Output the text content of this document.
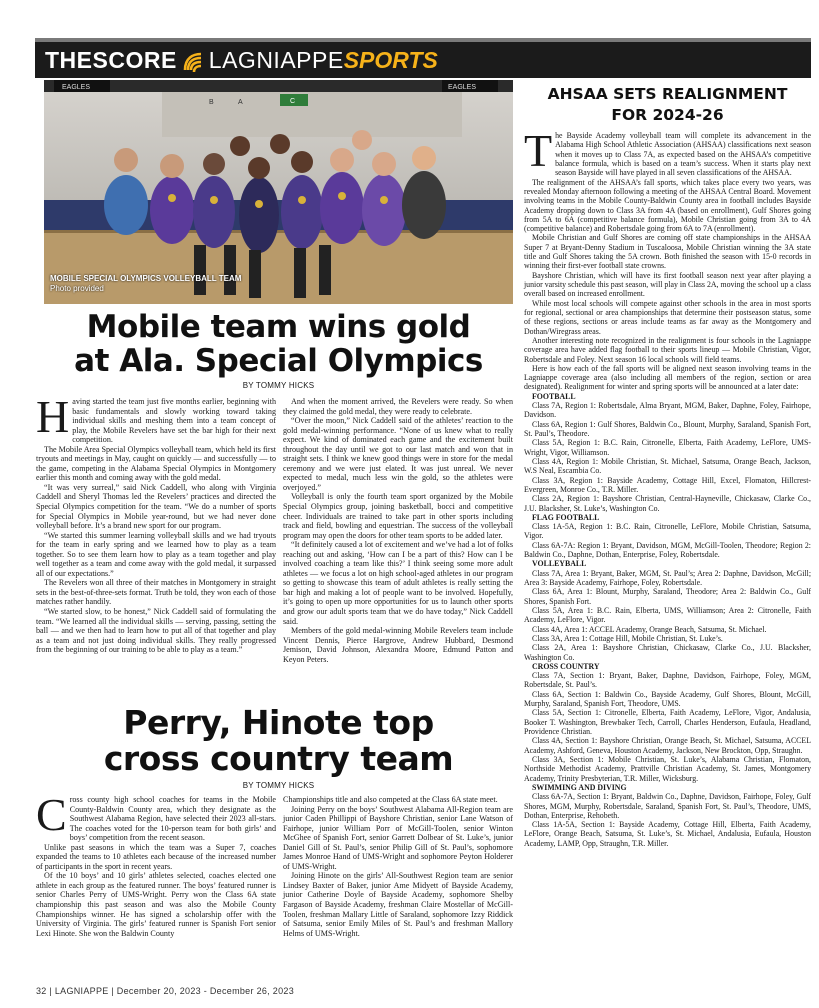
THESCORE LAGNIAPPESPORTS
EAGLES	EAGLES
B	A	C
MOBILE SPECIAL OLYMPICS VOLLEYBALL TEAM
Photo provided
Mobile team wins gold
at Ala. Special Olympics
BY TOMMY HICKS
H aving started the team just five months earlier, beginning with basic fundamentals and slowly working toward taking individual skills and meshing them into a team concept of play, the Mobile Revelers have set the bar high for their next competition.

The Mobile Area Special Olympics volleyball team, which held its first tryouts and meetings in May, caught on quickly — and successfully — to the game, competing in the Alabama Special Olympics in Montgomery earlier this month and coming away with the gold medal.

“It was very surreal,” said Nick Caddell, who along with Virginia Caddell and Sheryl Thomas led the Revelers’ practices and directed the Special Olympics competition for the team. “We do a number of sports for Special Olympics in Mobile year-round, but we had never done volleyball before. It’s a brand new sport for our program.

“We started this summer learning volleyball skills and we had tryouts for the team in early spring and we learned how to play as a team together. So to see them learn how to play as a team together and play well together as a team and come away with the gold medal, it surpassed all of our expectations.”

The Revelers won all three of their matches in Montgomery in straight sets in the best-of-three-sets format. Truth be told, they won each of those matches rather handily.

“We started slow, to be honest,” Nick Caddell said of formulating the team. “We learned all the individual skills — serving, passing, setting the ball — and we then had to learn how to put all of that together and play as a team and not just doing individual skills. They really progressed from the beginning of our training to be able to play as a team.”

And when the moment arrived, the Revelers were ready. So when they claimed the gold medal, they were ready to celebrate.

“Over the moon,” Nick Caddell said of the athletes’ reaction to the gold medal-winning performance. “None of us knew what to really expect. We kind of dominated each game and the excitement built throughout the day until we got to our last match and won that in straight sets. I think we knew good things were in store for the medal ceremony and we were just elated. It was just unreal. We never expected to medal, much less win the gold, so the athletes were overjoyed.”

Volleyball is only the fourth team sport organized by the Mobile Special Olympics group, joining basketball, bocci and competitive cheer. Individuals are trained to take part in other sports including track and field, bowling and equestrian. The success of the volleyball program may open the doors for other team sports to be added later.

“It definitely caused a lot of excitement and we’ve had a lot of folks reaching out and asking, ‘How can I be a part of this? How can I be involved coaching a team like this?’ I think seeing some more adult athletes — we focus a lot on high school-aged athletes in our program so getting to showcase this team of adult athletes is really setting the bar high and making a lot of people want to be involved. Hopefully, it’s going to open up more opportunities for us to launch other sports and grow our adult sports team that we do have today,” Nick Caddell said.

Members of the gold medal-winning Mobile Revelers team include Vincent Dennis, Pierce Hargrove, Andrew Hubbard, Desmond Jemison, David Johnson, Alexandra Moore, Edmund Patton and Keyon Peters.

Perry, Hinote top
cross country team
BY TOMMY HICKS
C ross county high school coaches for teams in the Mobile County-Baldwin County area, which they designate as the Southwest Alabama Region, have selected their 2023 all-stars. The coaches voted for the 10-person team for both girls’ and boys’ competition from the recent season.

Unlike past seasons in which the team was a Super 7, coaches expanded the teams to 10 athletes each because of the increased number of participants in the sport in recent years.

Of the 10 boys’ and 10 girls’ athletes selected, coaches elected one athlete in each group as the featured runner. The boys’ featured runner is senior Charles Perry of UMS-Wright. Perry won the Class 6A state championship this past season and was also the Mobile County Championships winner. He has signed a scholarship offer with the University of Virginia. The girls’ featured runner is Spanish Fort senior Lexi Hinote. She won the Baldwin County

Championships title and also competed at the Class 6A state meet.

Joining Perry on the boys’ Southwest Alabama All-Region team are junior Caden Phillippi of Bayshore Christian, senior Lane Watson of Fairhope, junior William Porr of McGill-Toolen, senior Winton McGhee of Spanish Fort, senior Garrett Dolbear of St. Luke’s, junior Daniel Gill of St. Paul’s, senior Philip Gill of St. Paul’s, sophomore James Monroe Hand of UMS-Wright and sophomore Peyton Holderer of UMS-Wright.

Joining Hinote on the girls’ All-Southwest Region team are senior Lindsey Baxter of Baker, junior Ame Midyett of Bayside Academy, junior Catherine Doyle of Bayside Academy, sophomore Shelby Fargason of Bayside Academy, freshman Claire Mostellar of McGill-Toolen, freshman Mallary Little of Saraland, sophomore Izzy Riddick of Satsuma, senior Emily Miles of St. Paul’s and freshman Mallory Helms of UMS-Wright.

AHSAA SETS REALIGNMENT
FOR 2024-26
T he Bayside Academy volleyball team will complete its advancement in the Alabama High School Athletic Association (AHSAA) classifications next season when it moves up to Class 7A, as expected based on the AHSAA’s competitive balance formula, which is based on a team’s success. When it starts play next season Bayside will have played in all seven classifications of the AHSAA.

The realignment of the AHSAA’s fall sports, which takes place every two years, was revealed Monday afternoon following a meeting of the AHSAA Central Board. Movement involving teams in the Mobile County-Baldwin County area in football includes Bayside Academy dropping down to Class 3A from 4A (based on enrollment), Gulf Shores going from 5A to 6A (competitive balance formula), Mobile Christian going from 3A to 4A (competitive balance) and Robertsdale going from 6A to 7A (enrollment).

Mobile Christian and Gulf Shores are coming off state championships in the AHSAA Super 7 at Bryant-Denny Stadium in Tuscaloosa, Mobile Christian winning the 3A state title and Gulf Shores taking the 5A crown. Both finished the season with 15-0 records in winning their first-ever football state crowns.

Bayshore Christian, which will have its first football season next year after playing a junior varsity schedule this past season, will play in Class 2A, moving the school up a class overall based on increased enrollment.

While most local schools will compete against other schools in the area in most sports for regional, sectional or area championships that determine their postseason status, some of these regions, sections or areas include teams as far away as the Montgomery and Dothan/Wiregrass areas.

Another interesting note recognized in the realignment is four schools in the Lagniappe coverage area have added flag football to their sports lineup — Mobile Christian, Vigor, Robertsdale and Foley. Next season 16 local schools will field teams.

Here is how each of the fall sports will be aligned next season involving teams in the Lagniappe coverage area (also including all members of the region, section or area designated). Realignment for winter and spring sports will be announced at a later date:

FOOTBALL

Class 7A, Region 1: Robertsdale, Alma Bryant, MGM, Baker, Daphne, Foley, Fairhope, Davidson.

Class 6A, Region 1: Gulf Shores, Baldwin Co., Blount, Murphy, Saraland, Spanish Fort, St. Paul’s, Theodore.

Class 5A, Region 1: B.C. Rain, Citronelle, Elberta, Faith Academy, LeFlore, UMS-Wright, Vigor, Williamson.

Class 4A, Region 1: Mobile Christian, St. Michael, Satsuma, Orange Beach, Jackson, W.S Neal, Escambia Co.

Class 3A, Region 1: Bayside Academy, Cottage Hill, Excel, Flomaton, Hillcrest-Evergreen, Monroe Co., T.R. Miller.

Class 2A, Region 1: Bayshore Christian, Central-Hayneville, Chickasaw, Clarke Co., J.U. Blacksher, St. Luke’s, Washington Co.

FLAG FOOTBALL

Class 1A-5A, Region 1: B.C. Rain, Citronelle, LeFlore, Mobile Christian, Satsuma, Vigor.

Class 6A-7A: Region 1: Bryant, Davidson, MGM, McGill-Toolen, Theodore; Region 2: Baldwin Co., Daphne, Dothan, Enterprise, Foley, Robertsdale.

VOLLEYBALL

Class 7A, Area 1: Bryant, Baker, MGM, St. Paul’s; Area 2: Daphne, Davidson, McGill; Area 3: Bayside Academy, Fairhope, Foley, Robertsdale.

Class 6A, Area 1: Blount, Murphy, Saraland, Theodore; Area 2: Baldwin Co., Gulf Shores, Spanish Fort.

Class 5A, Area 1: B.C. Rain, Elberta, UMS, Williamson; Area 2: Citronelle, Faith Academy, LeFlore, Vigor.

Class 4A, Area 1: ACCEL Academy, Orange Beach, Satsuma, St. Michael.

Class 3A, Area 1: Cottage Hill, Mobile Christian, St. Luke’s.

Class 2A, Area 1: Bayshore Christian, Chickasaw, Clarke Co., J.U. Blacksher, Washington Co.

CROSS COUNTRY

Class 7A, Section 1: Bryant, Baker, Daphne, Davidson, Fairhope, Foley, MGM, Robertsdale, St. Paul’s.

Class 6A, Section 1: Baldwin Co., Bayside Academy, Gulf Shores, Blount, McGill, Murphy, Saraland, Spanish Fort, Theodore, UMS.

Class 5A, Section 1: Citronelle, Elberta, Faith Academy, LeFlore, Vigor, Andalusia, Booker T. Washington, Brewbaker Tech, Carroll, Charles Henderson, Eufaula, Headland, Providence Christian.

Class 4A, Section 1: Bayshore Christian, Orange Beach, St. Michael, Satsuma, ACCEL Academy, Ashford, Geneva, Houston Academy, Jackson, New Brockton, Opp, Straughn.

Class 3A, Section 1: Mobile Christian, St. Luke’s, Alabama Christian, Flomaton, Northside Methodist Academy, Prattville Christian Academy, St. James, Montgomery Academy, Trinity Presbyterian, T.R. Miller, Wicksburg.

SWIMMING AND DIVING

Class 6A-7A, Section 1: Bryant, Baldwin Co., Daphne, Davidson, Fairhope, Foley, Gulf Shores, MGM, Murphy, Robertsdale, Saraland, Spanish Fort, St. Paul’s, Theodore, UMS, Dothan, Enterprise, Rehobeth.

Class 1A-5A, Section 1: Bayside Academy, Cottage Hill, Elberta, Faith Academy, LeFlore, Orange Beach, Satsuma, St. Luke’s, St. Michael, Andalusia, Eufaula, Houston Academy, LAMP, Opp, Straughn, T.R. Miller.

32 | LAGNIAPPE | December 20, 2023 - December 26, 2023
